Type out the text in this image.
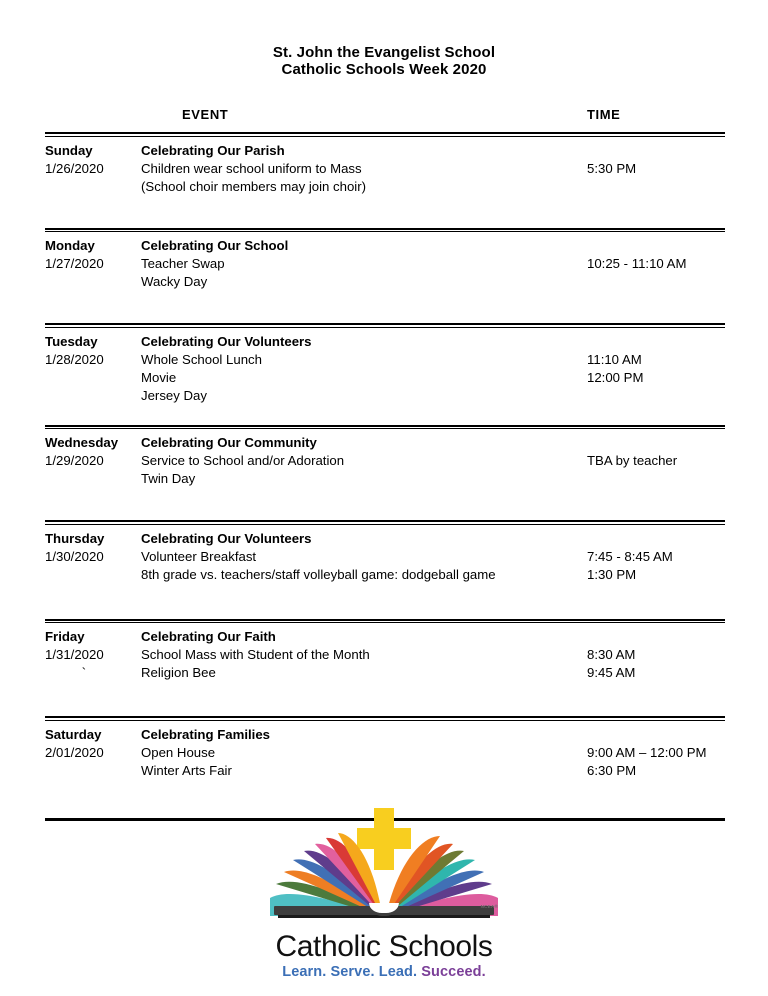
St. John the Evangelist School
Catholic Schools Week 2020
EVENT	TIME
Sunday
1/26/2020
Celebrating Our Parish
Children wear school uniform to Mass
(School choir members may join choir)
5:30 PM
Monday
1/27/2020
Celebrating Our School
Teacher Swap
Wacky Day
10:25 - 11:10 AM
Tuesday
1/28/2020
Celebrating Our Volunteers
Whole School Lunch
Movie
Jersey Day
11:10 AM
12:00 PM
Wednesday
1/29/2020
Celebrating Our Community
Service to School and/or Adoration
Twin Day
TBA by teacher
Thursday
1/30/2020
Celebrating Our Volunteers
Volunteer Breakfast
8th grade vs. teachers/staff volleyball game: dodgeball game
7:45 - 8:45 AM
1:30 PM
Friday
1/31/2020
`
Celebrating Our Faith
School Mass with Student of the Month
Religion Bee
8:30 AM
9:45 AM
Saturday
2/01/2020
Celebrating Families
Open House
Winter Arts Fair
9:00 AM – 12:00 PM
6:30 PM
NCEA®
Catholic Schools
Learn. Serve. Lead. Succeed.
